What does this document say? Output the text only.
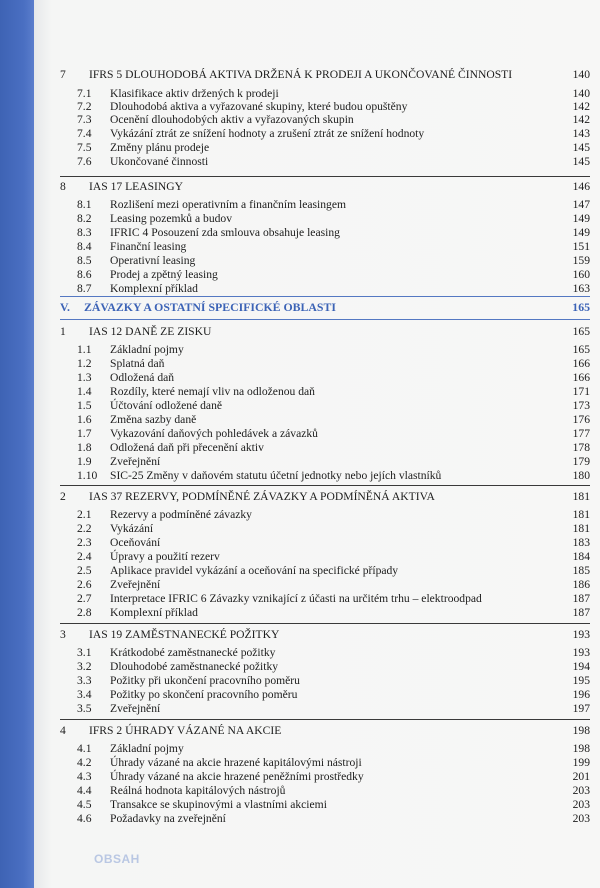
7 IFRS 5 DLOUHODOBÁ AKTIVA DRŽENÁ K PRODEJI A UKONČOVANÉ ČINNOSTI	140
7.1 Klasifikace aktiv držených k prodeji	140
7.2 Dlouhodobá aktiva a vyřazované skupiny, které budou opuštěny	142
7.3 Ocenění dlouhodobých aktiv a vyřazovaných skupin	142
7.4 Vykázání ztrát ze snížení hodnoty a zrušení ztrát ze snížení hodnoty	143
7.5 Změny plánu prodeje	145
7.6 Ukončované činnosti	145
8 IAS 17 LEASINGY	146
8.1 Rozlišení mezi operativním a finančním leasingem	147
8.2 Leasing pozemků a budov	149
8.3 IFRIC 4 Posouzení zda smlouva obsahuje leasing	149
8.4 Finanční leasing	151
8.5 Operativní leasing	159
8.6 Prodej a zpětný leasing	160
8.7 Komplexní příklad	163
V. ZÁVAZKY A OSTATNÍ SPECIFICKÉ OBLASTI	165
1 IAS 12 DANĚ ZE ZISKU	165
1.1 Základní pojmy	165
1.2 Splatná daň	166
1.3 Odložená daň	166
1.4 Rozdíly, které nemají vliv na odloženou daň	171
1.5 Účtování odložené daně	173
1.6 Změna sazby daně	176
1.7 Vykazování daňových pohledávek a závazků	177
1.8 Odložená daň při přecenění aktiv	178
1.9 Zveřejnění	179
1.10 SIC-25 Změny v daňovém statutu účetní jednotky nebo jejích vlastníků	180
2 IAS 37 REZERVY, PODMÍNĚNÉ ZÁVAZKY A PODMÍNĚNÁ AKTIVA	181
2.1 Rezervy a podmíněné závazky	181
2.2 Vykázání	181
2.3 Oceňování	183
2.4 Úpravy a použití rezerv	184
2.5 Aplikace pravidel vykázání a oceňování na specifické případy	185
2.6 Zveřejnění	186
2.7 Interpretace IFRIC 6 Závazky vznikající z účasti na určitém trhu – elektroodpad	187
2.8 Komplexní příklad	187
3 IAS 19 ZAMĚSTNANECKÉ POŽITKY	193
3.1 Krátkodobé zaměstnanecké požitky	193
3.2 Dlouhodobé zaměstnanecké požitky	194
3.3 Požitky při ukončení pracovního poměru	195
3.4 Požitky po skončení pracovního poměru	196
3.5 Zveřejnění	197
4 IFRS 2 ÚHRADY VÁZANÉ NA AKCIE	198
4.1 Základní pojmy	198
4.2 Úhrady vázané na akcie hrazené kapitálovými nástroji	199
4.3 Úhrady vázané na akcie hrazené peněžními prostředky	201
4.4 Reálná hodnota kapitálových nástrojů	203
4.5 Transakce se skupinovými a vlastními akciemi	203
4.6 Požadavky na zveřejnění	203
OBSAH
